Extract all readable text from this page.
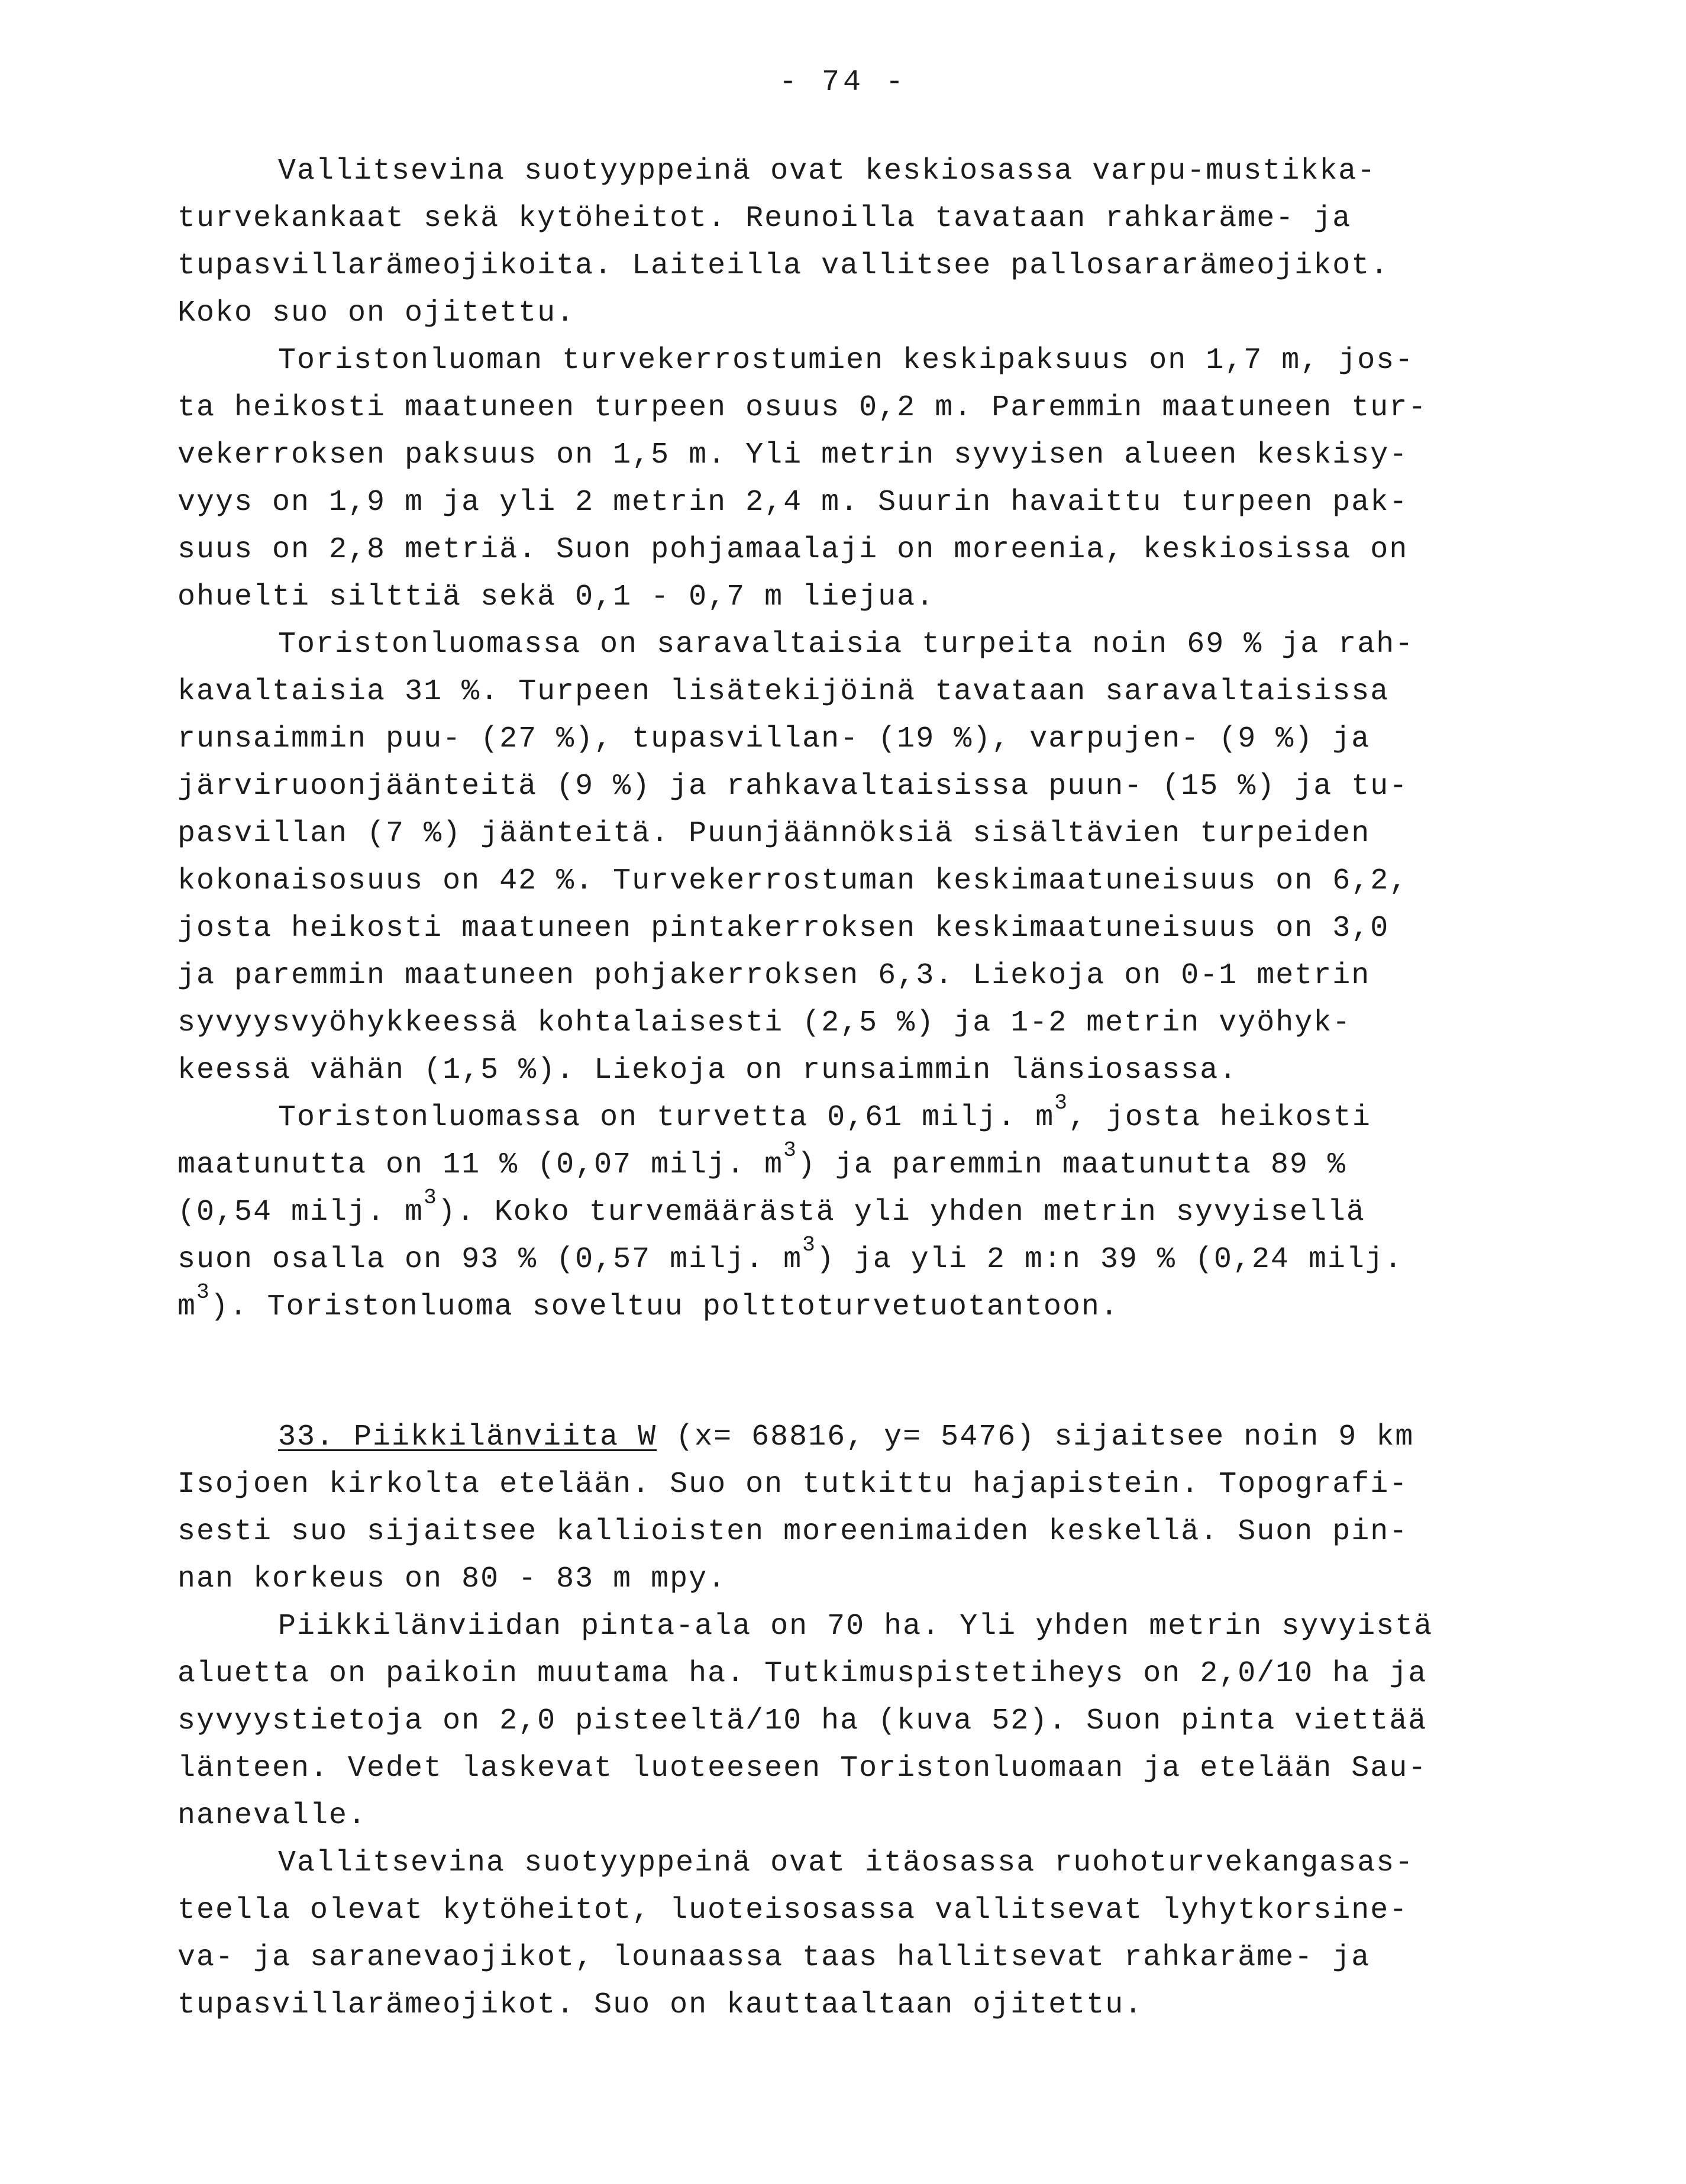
- 74 -
Vallitsevina suotyyppeinä ovat keskiosassa varpu-mustikka-
turvekankaat sekä kytöheitot. Reunoilla tavataan rahkaräme- ja
tupasvillarämeojikoita. Laiteilla vallitsee pallosararämeojikot.
Koko suo on ojitettu.
Toristonluoman turvekerrostumien keskipaksuus on 1,7 m, jos-
ta heikosti maatuneen turpeen osuus 0,2 m. Paremmin maatuneen tur-
vekerroksen paksuus on 1,5 m. Yli metrin syvyisen alueen keskisy-
vyys on 1,9 m ja yli 2 metrin 2,4 m. Suurin havaittu turpeen pak-
suus on 2,8 metriä. Suon pohjamaalaji on moreenia, keskiosissa on
ohuelti silttiä sekä 0,1 - 0,7 m liejua.
Toristonluomassa on saravaltaisia turpeita noin 69 % ja rah-
kavaltaisia 31 %. Turpeen lisätekijöinä tavataan saravaltaisissa
runsaimmin puu- (27 %), tupasvillan- (19 %), varpujen- (9 %) ja
järviruoonjäänteitä (9 %) ja rahkavaltaisissa puun- (15 %) ja tu-
pasvillan (7 %) jäänteitä. Puunjäännöksiä sisältävien turpeiden
kokonaisosuus on 42 %. Turvekerrostuman keskimaatuneisuus on 6,2,
josta heikosti maatuneen pintakerroksen keskimaatuneisuus on 3,0
ja paremmin maatuneen pohjakerroksen 6,3. Liekoja on 0-1 metrin
syvyysvyöhykkeessä kohtalaisesti (2,5 %) ja 1-2 metrin vyöhyk-
keessä vähän (1,5 %). Liekoja on runsaimmin länsiosassa.
Toristonluomassa on turvetta 0,61 milj. $m^3$, josta heikosti
maatunutta on 11 % (0,07 milj. $m^3$) ja paremmin maatunutta 89 %
(0,54 milj. $m^3$). Koko turvemäärästä yli yhden metrin syvyisellä
suon osalla on 93 % (0,57 milj. $m^3$) ja yli 2 m:n 39 % (0,24 milj.
$m^3$). Toristonluoma soveltuu polttoturvetuotantoon.
33. Piikkilänviita W (x= 68816, y= 5476) sijaitsee noin 9 km
Isojoen kirkolta etelään. Suo on tutkittu hajapistein. Topografi-
sesti suo sijaitsee kallioisten moreenimaiden keskellä. Suon pin-
nan korkeus on 80 - 83 m mpy.
Piikkilänviidan pinta-ala on 70 ha. Yli yhden metrin syvyistä
aluetta on paikoin muutama ha. Tutkimuspistetiheys on 2,0/10 ha ja
syvyystietoja on 2,0 pisteeltä/10 ha (kuva 52). Suon pinta viettää
länteen. Vedet laskevat luoteeseen Toristonluomaan ja etelään Sau-
nanevalle.
Vallitsevina suotyyppeinä ovat itäosassa ruohoturvekangasas-
teella olevat kytöheitot, luoteisosassa vallitsevat lyhytkorsine-
va- ja saranevaojikot, lounaassa taas hallitsevat rahkaräme- ja
tupasvillarämeojikot. Suo on kauttaaltaan ojitettu.
